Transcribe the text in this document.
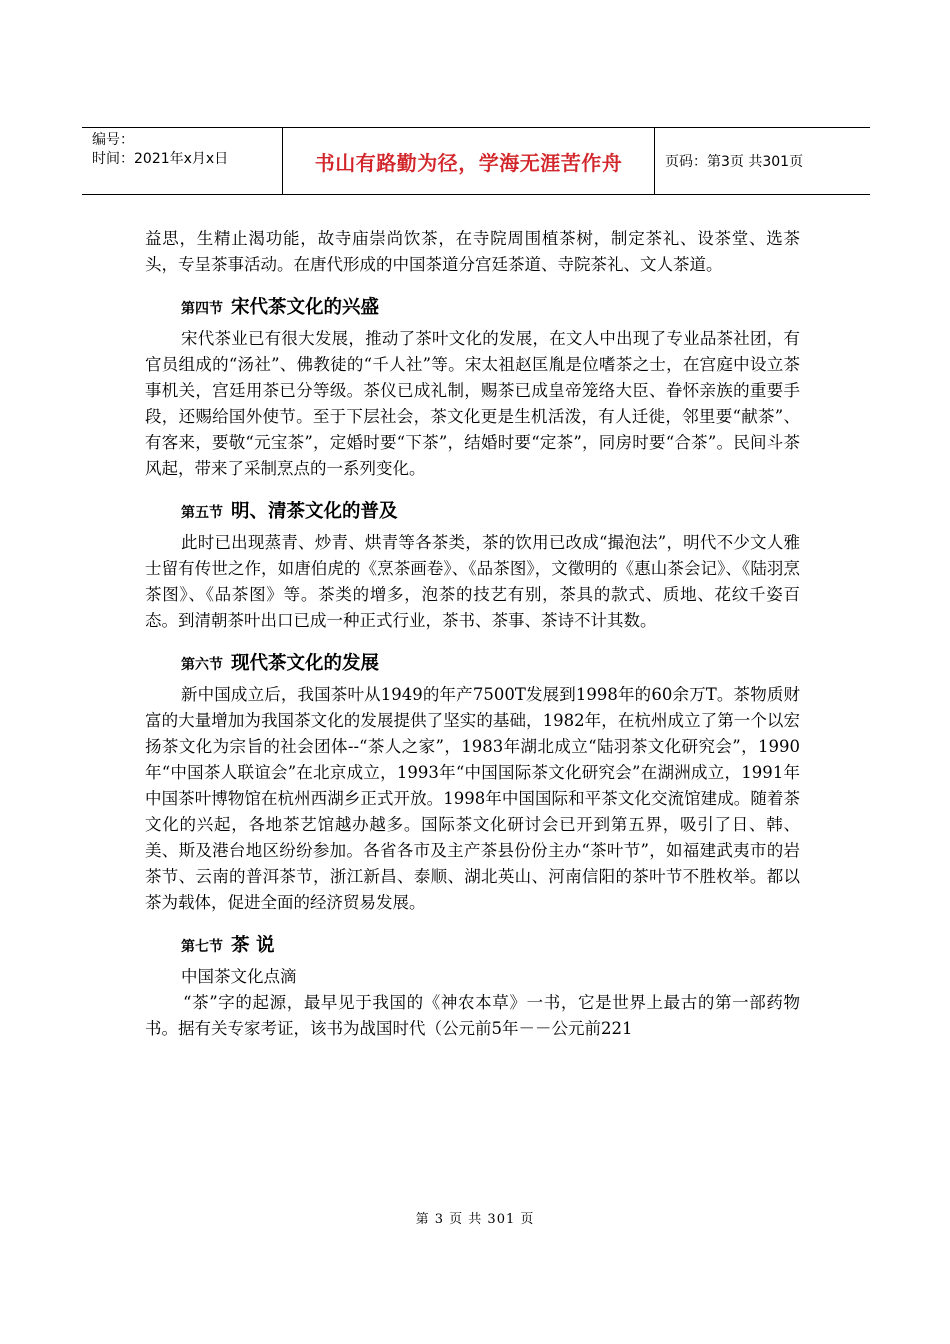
编号：
时间：2021年x月x日	书山有路勤为径，学海无涯苦作舟	页码：第3页 共301页

益思，生精止渴功能，故寺庙崇尚饮茶，在寺院周围植茶树，制定茶礼、设茶堂、选茶头，专呈茶事活动。在唐代形成的中国茶道分宫廷茶道、寺院茶礼、文人茶道。

第四节 宋代茶文化的兴盛

宋代茶业已有很大发展，推动了茶叶文化的发展，在文人中出现了专业品茶社团，有官员组成的“汤社”、佛教徒的“千人社”等。宋太祖赵匡胤是位嗜茶之士，在宫庭中设立茶事机关，宫廷用茶已分等级。茶仪已成礼制，赐茶已成皇帝笼络大臣、眷怀亲族的重要手段，还赐给国外使节。至于下层社会，茶文化更是生机活泼，有人迁徙，邻里要“献茶”、有客来，要敬“元宝茶”，定婚时要“下茶”，结婚时要“定茶”，同房时要“合茶”。民间斗茶风起，带来了采制烹点的一系列变化。

第五节 明、清茶文化的普及

此时已出现蒸青、炒青、烘青等各茶类，茶的饮用已改成“撮泡法”，明代不少文人雅士留有传世之作，如唐伯虎的《烹茶画卷》、《品茶图》，文徵明的《惠山茶会记》、《陆羽烹茶图》、《品茶图》等。茶类的增多，泡茶的技艺有别，茶具的款式、质地、花纹千姿百态。到清朝茶叶出口已成一种正式行业，茶书、茶事、茶诗不计其数。

第六节 现代茶文化的发展

新中国成立后，我国茶叶从1949的年产7500T发展到1998年的60余万T。茶物质财富的大量增加为我国茶文化的发展提供了坚实的基础，1982年，在杭州成立了第一个以宏扬茶文化为宗旨的社会团体--“茶人之家”，1983年湖北成立“陆羽茶文化研究会”，1990年“中国茶人联谊会”在北京成立，1993年“中国国际茶文化研究会”在湖洲成立，1991年中国茶叶博物馆在杭州西湖乡正式开放。1998年中国国际和平茶文化交流馆建成。随着茶文化的兴起，各地茶艺馆越办越多。国际茶文化研讨会已开到第五界，吸引了日、韩、美、斯及港台地区纷纷参加。各省各市及主产茶县份份主办“茶叶节”，如福建武夷市的岩茶节、云南的普洱茶节，浙江新昌、泰顺、湖北英山、河南信阳的茶叶节不胜枚举。都以茶为载体，促进全面的经济贸易发展。

第七节 茶 说

中国茶文化点滴

“茶”字的起源，最早见于我国的《神农本草》一书，它是世界上最古的第一部药物书。据有关专家考证，该书为战国时代（公元前5年－－公元前221

第 3 页 共 301 页
